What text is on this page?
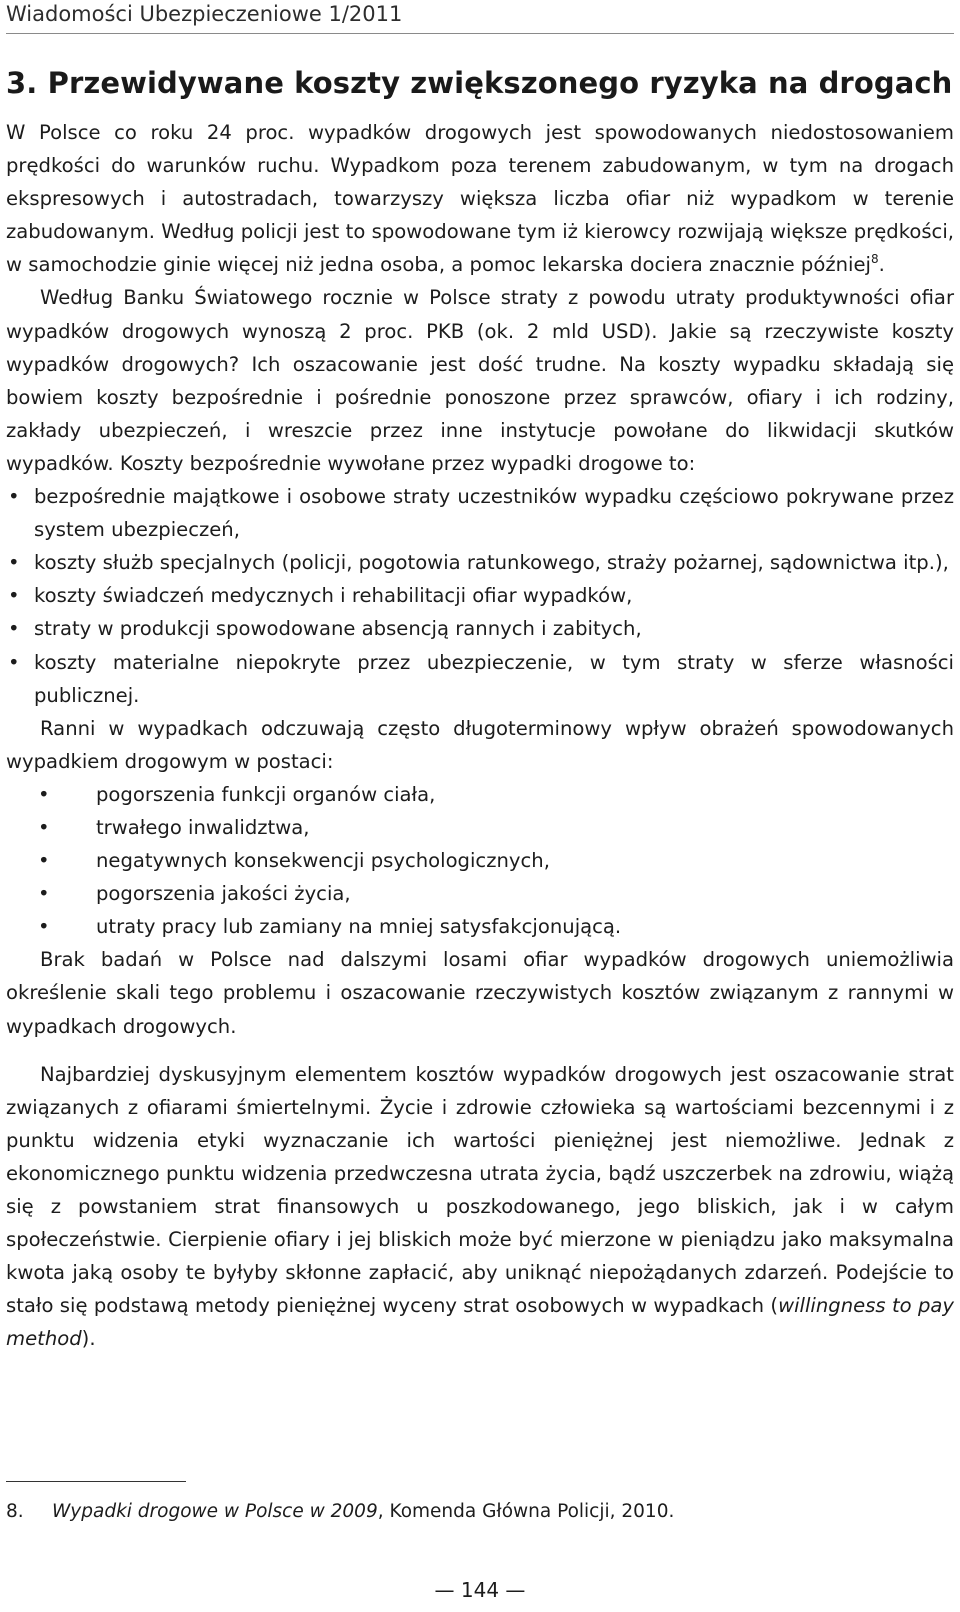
Wiadomości Ubezpieczeniowe 1/2011
3. Przewidywane koszty zwiększonego ryzyka na drogach

W Polsce co roku 24 proc. wypadków drogowych jest spowodowanych niedostosowaniem prędkości do warunków ruchu. Wypadkom poza terenem zabudowanym, w tym na drogach ekspresowych i autostradach, towarzyszy większa liczba ofiar niż wypadkom w terenie zabudowanym. Według policji jest to spowodowane tym iż kierowcy rozwijają większe prędkości, w samochodzie ginie więcej niż jedna osoba, a pomoc lekarska dociera znacznie później$^8$.

Według Banku Światowego rocznie w Polsce straty z powodu utraty produktywności ofiar wypadków drogowych wynoszą 2 proc. PKB (ok. 2 mld USD). Jakie są rzeczywiste koszty wypadków drogowych? Ich oszacowanie jest dość trudne. Na koszty wypadku składają się bowiem koszty bezpośrednie i pośrednie ponoszone przez sprawców, ofiary i ich rodziny, zakłady ubezpieczeń, i wreszcie przez inne instytucje powołane do likwidacji skutków wypadków. Koszty bezpośrednie wywołane przez wypadki drogowe to:

• bezpośrednie majątkowe i osobowe straty uczestników wypadku częściowo pokrywane przez system ubezpieczeń,
• koszty służb specjalnych (policji, pogotowia ratunkowego, straży pożarnej, sądownictwa itp.),
• koszty świadczeń medycznych i rehabilitacji ofiar wypadków,
• straty w produkcji spowodowane absencją rannych i zabitych,
• koszty materialne niepokryte przez ubezpieczenie, w tym straty w sferze własności publicznej.

Ranni w wypadkach odczuwają często długoterminowy wpływ obrażeń spowodowanych wypadkiem drogowym w postaci:

• pogorszenia funkcji organów ciała,
• trwałego inwalidztwa,
• negatywnych konsekwencji psychologicznych,
• pogorszenia jakości życia,
• utraty pracy lub zamiany na mniej satysfakcjonującą.

Brak badań w Polsce nad dalszymi losami ofiar wypadków drogowych uniemożliwia określenie skali tego problemu i oszacowanie rzeczywistych kosztów związanym z rannymi w wypadkach drogowych.

Najbardziej dyskusyjnym elementem kosztów wypadków drogowych jest oszacowanie strat związanych z ofiarami śmiertelnymi. Życie i zdrowie człowieka są wartościami bezcennymi i z punktu widzenia etyki wyznaczanie ich wartości pieniężnej jest niemożliwe. Jednak z ekonomicznego punktu widzenia przedwczesna utrata życia, bądź uszczerbek na zdrowiu, wiążą się z powstaniem strat finansowych u poszkodowanego, jego bliskich, jak i w całym społeczeństwie. Cierpienie ofiary i jej bliskich może być mierzone w pieniądzu jako maksymalna kwota jaką osoby te byłyby skłonne zapłacić, aby uniknąć niepożądanych zdarzeń. Podejście to stało się podstawą metody pieniężnej wyceny strat osobowych w wypadkach (willingness to pay method).

8. Wypadki drogowe w Polsce w 2009, Komenda Główna Policji, 2010.
— 144 —
